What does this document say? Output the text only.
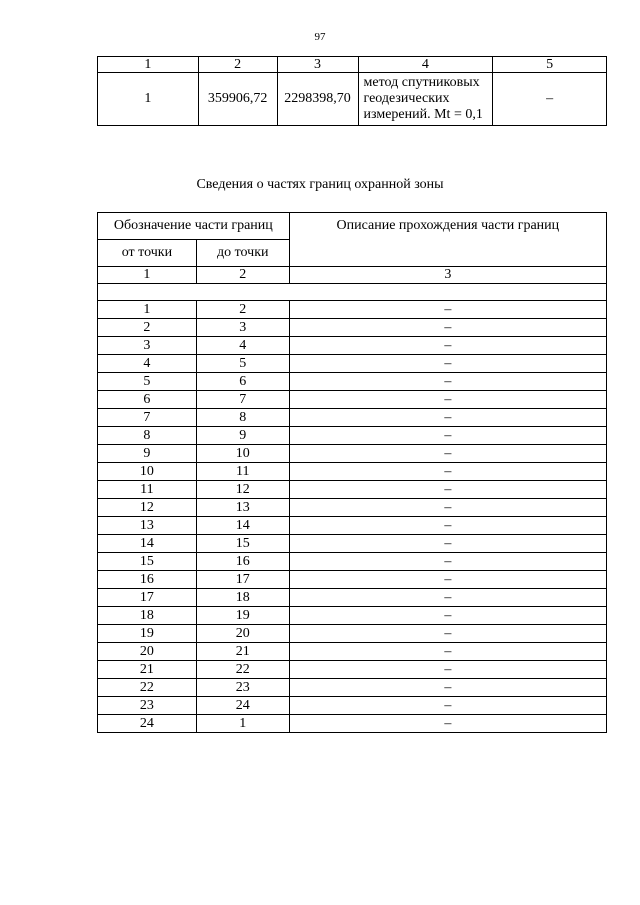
97
1	2	3	4	5
1	359906,72	2298398,70	метод спутниковых
геодезических
измерений. Mt = 0,1	–
Сведения о частях границ охранной зоны
Обозначение части границ		Описание прохождения части границ
от точки	до точки	
1	2	3

1	2	–
2	3	–
3	4	–
4	5	–
5	6	–
6	7	–
7	8	–
8	9	–
9	10	–
10	11	–
11	12	–
12	13	–
13	14	–
14	15	–
15	16	–
16	17	–
17	18	–
18	19	–
19	20	–
20	21	–
21	22	–
22	23	–
23	24	–
24	1	–
